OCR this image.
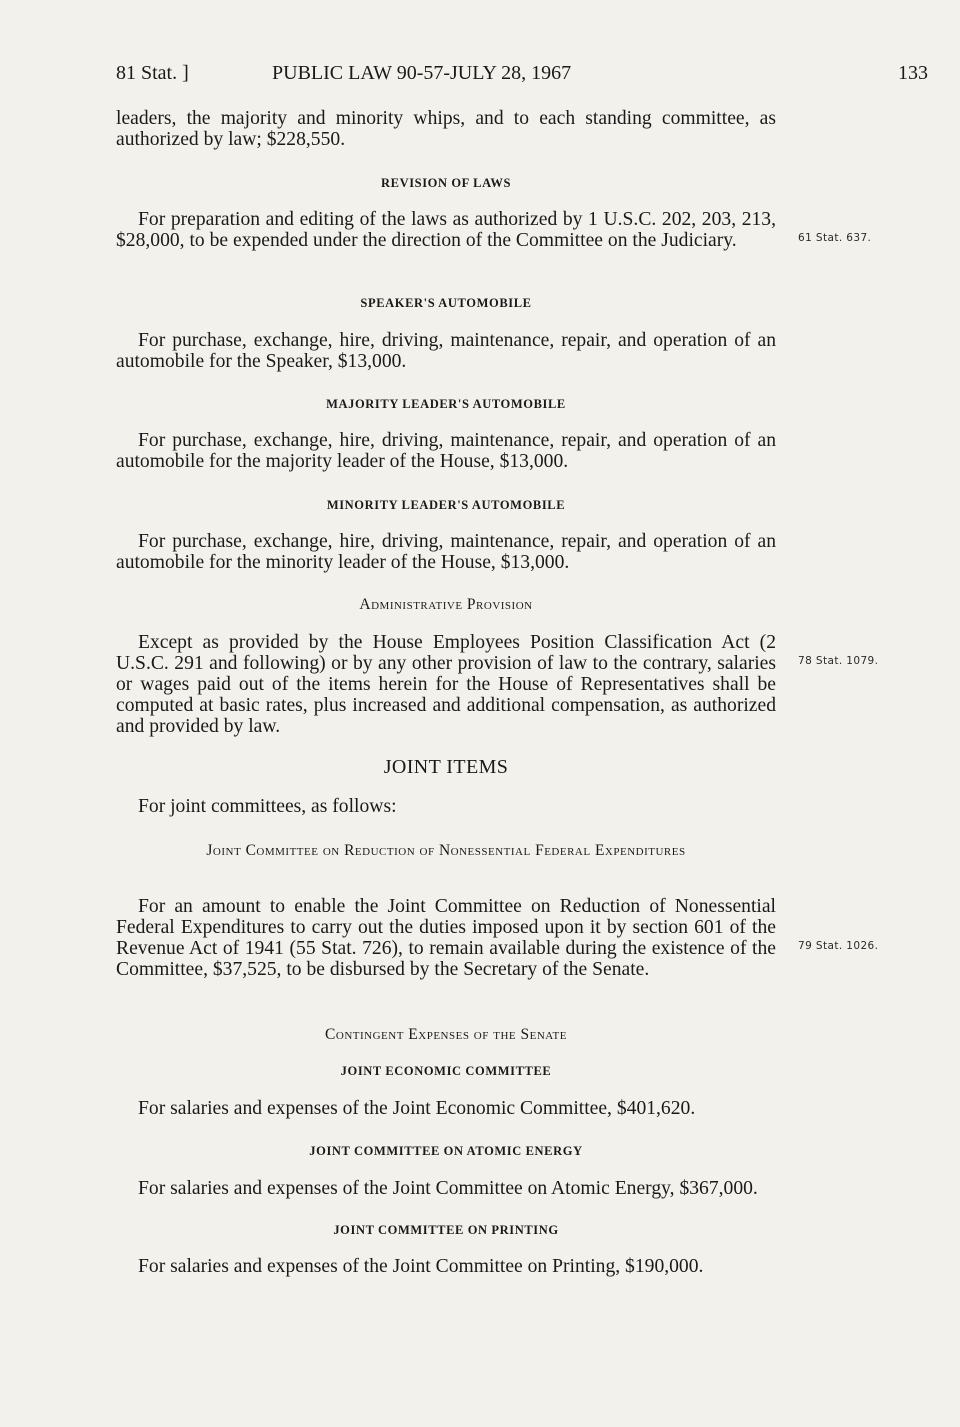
81 Stat. ]	PUBLIC LAW 90-57-JULY 28, 1967	133

leaders, the majority and minority whips, and to each standing committee, as authorized by law; $228,550.

REVISION OF LAWS

For preparation and editing of the laws as authorized by 1 U.S.C. 202, 203, 213, $28,000, to be expended under the direction of the Committee on the Judiciary.

SPEAKER'S AUTOMOBILE

For purchase, exchange, hire, driving, maintenance, repair, and operation of an automobile for the Speaker, $13,000.

MAJORITY LEADER'S AUTOMOBILE

For purchase, exchange, hire, driving, maintenance, repair, and operation of an automobile for the majority leader of the House, $13,000.

MINORITY LEADER'S AUTOMOBILE

For purchase, exchange, hire, driving, maintenance, repair, and operation of an automobile for the minority leader of the House, $13,000.

Administrative Provision

Except as provided by the House Employees Position Classification Act (2 U.S.C. 291 and following) or by any other provision of law to the contrary, salaries or wages paid out of the items herein for the House of Representatives shall be computed at basic rates, plus increased and additional compensation, as authorized and provided by law.

JOINT ITEMS

For joint committees, as follows:

Joint Committee on Reduction of Nonessential Federal Expenditures

For an amount to enable the Joint Committee on Reduction of Nonessential Federal Expenditures to carry out the duties imposed upon it by section 601 of the Revenue Act of 1941 (55 Stat. 726), to remain available during the existence of the Committee, $37,525, to be disbursed by the Secretary of the Senate.

Contingent Expenses of the Senate

JOINT ECONOMIC COMMITTEE

For salaries and expenses of the Joint Economic Committee, $401,620.

JOINT COMMITTEE ON ATOMIC ENERGY

For salaries and expenses of the Joint Committee on Atomic Energy, $367,000.

JOINT COMMITTEE ON PRINTING

For salaries and expenses of the Joint Committee on Printing, $190,000.

61 Stat. 637.
78 Stat. 1079.
79 Stat. 1026.
